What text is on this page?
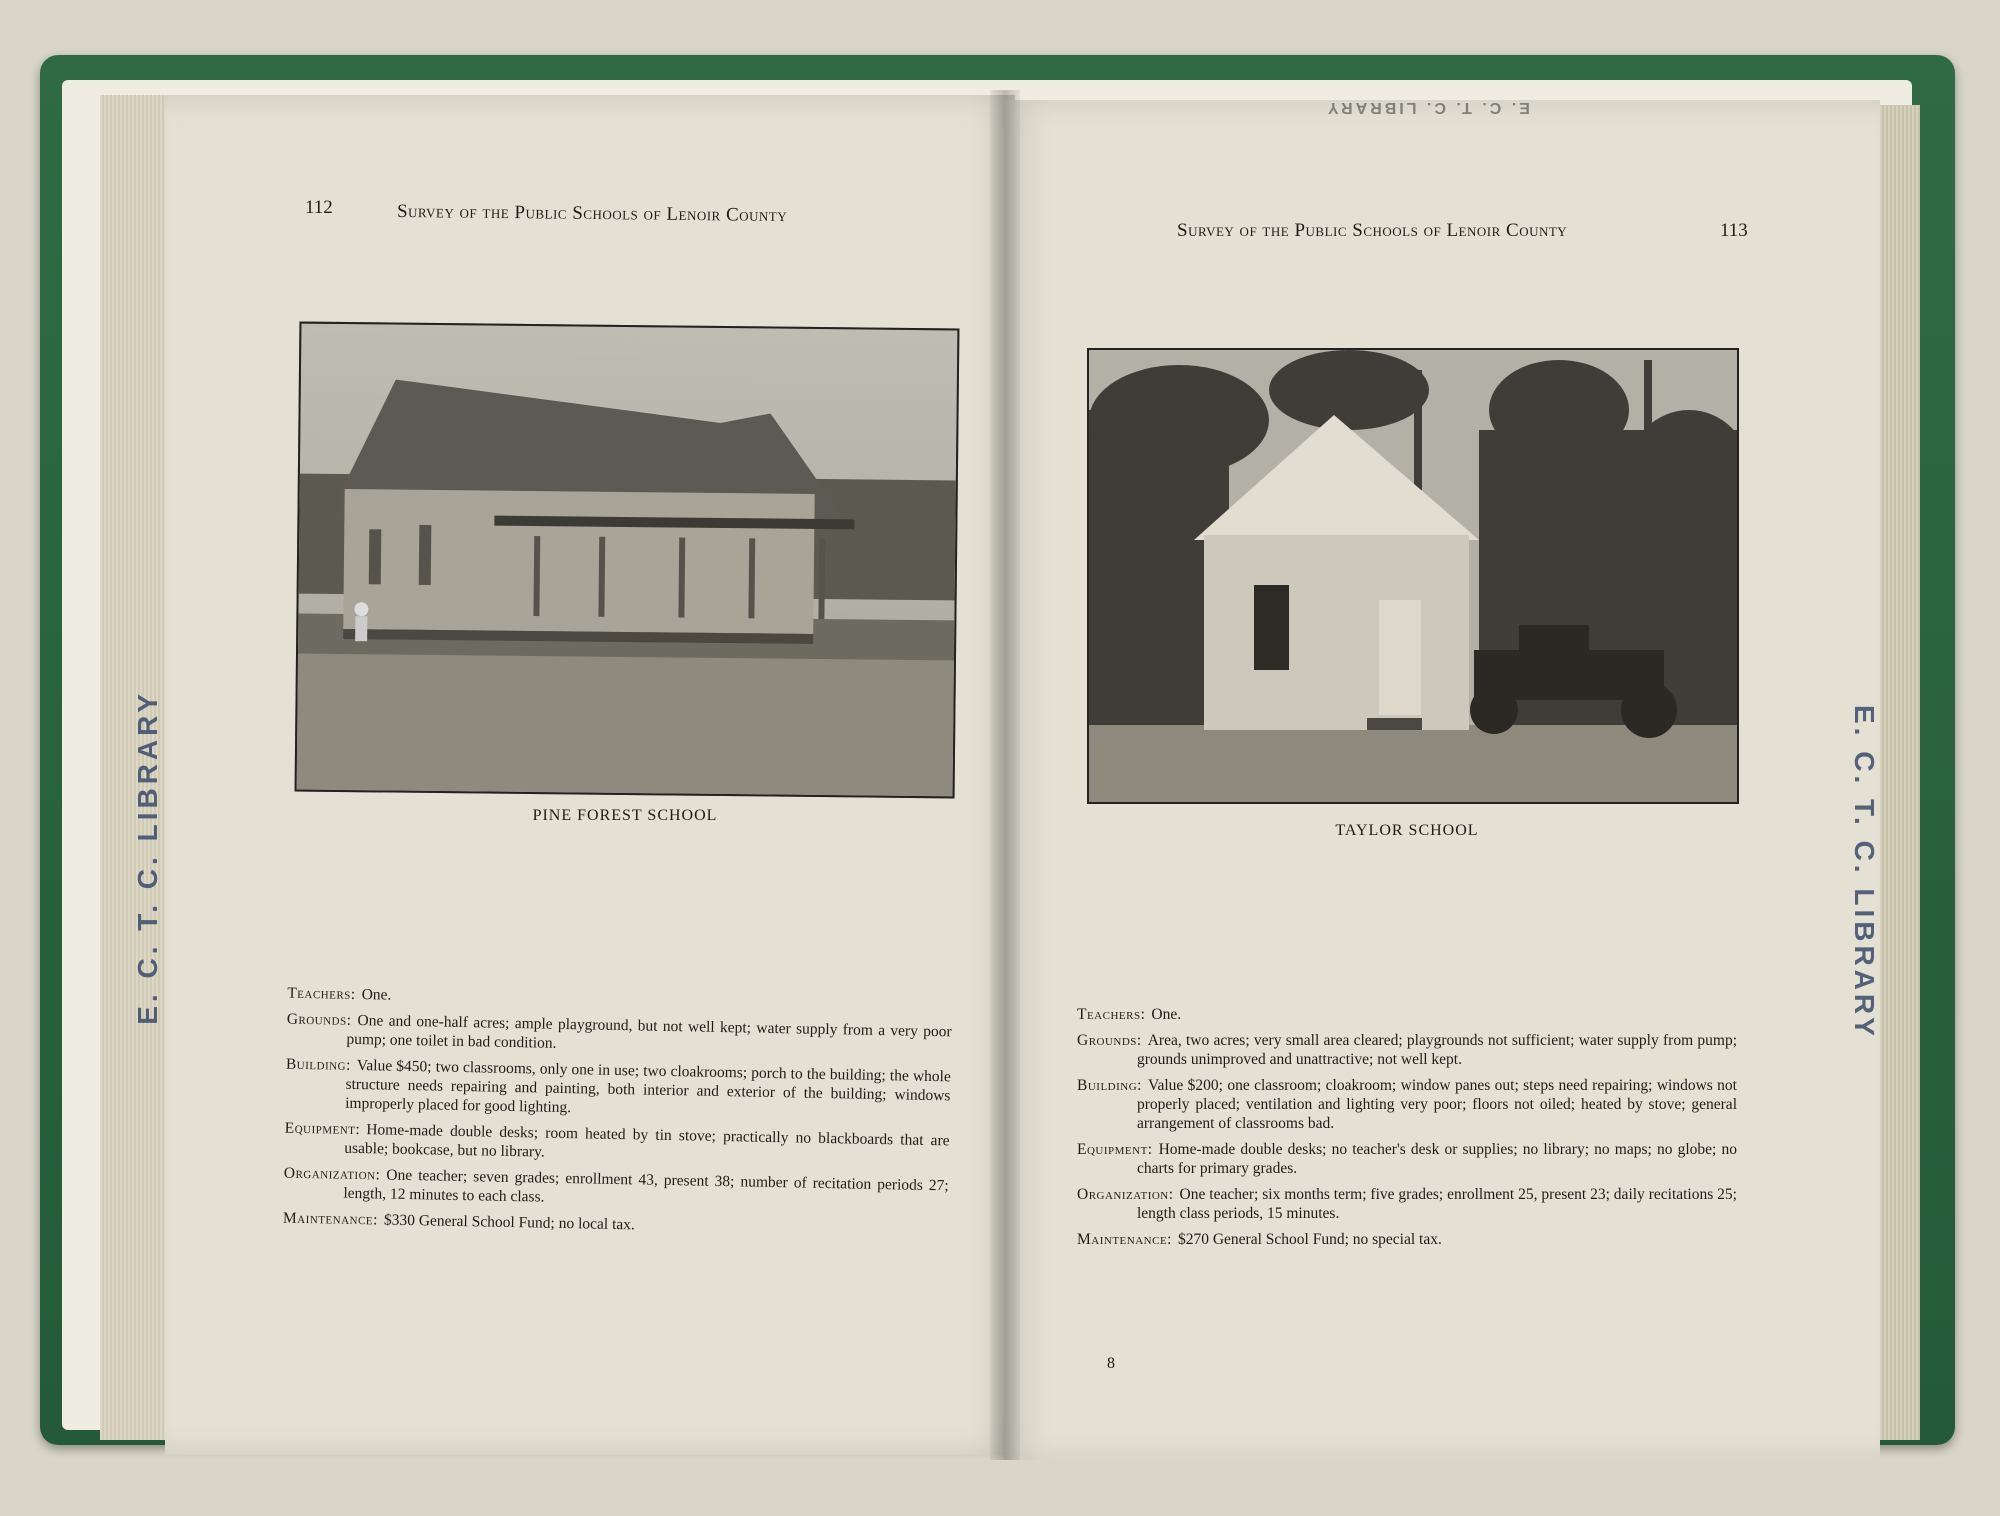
112	Survey of the Public Schools of Lenoir County
PINE FOREST SCHOOL
Teachers: One.
Grounds: One and one-half acres; ample playground, but not well kept; water supply from a very poor pump; one toilet in bad condition.
Building: Value $450; two classrooms, only one in use; two cloakrooms; porch to the building; the whole structure needs repairing and painting, both interior and exterior of the building; windows improperly placed for good lighting.
Equipment: Home-made double desks; room heated by tin stove; practically no blackboards that are usable; bookcase, but no library.
Organization: One teacher; seven grades; enrollment 43, present 38; number of recitation periods 27; length, 12 minutes to each class.
Maintenance: $330 General School Fund; no local tax.
E. C. T. C. LIBRARY
Survey of the Public Schools of Lenoir County	113
TAYLOR SCHOOL
Teachers: One.
Grounds: Area, two acres; very small area cleared; playgrounds not sufficient; water supply from pump; grounds unimproved and unattractive; not well kept.
Building: Value $200; one classroom; cloakroom; window panes out; steps need repairing; windows not properly placed; ventilation and lighting very poor; floors not oiled; heated by stove; general arrangement of classrooms bad.
Equipment: Home-made double desks; no teacher's desk or supplies; no library; no maps; no globe; no charts for primary grades.
Organization: One teacher; six months term; five grades; enrollment 25, present 23; daily recitations 25; length class periods, 15 minutes.
Maintenance: $270 General School Fund; no special tax.
8
E. C. T. C. LIBRARY
E. C. T. C. LIBRARY
